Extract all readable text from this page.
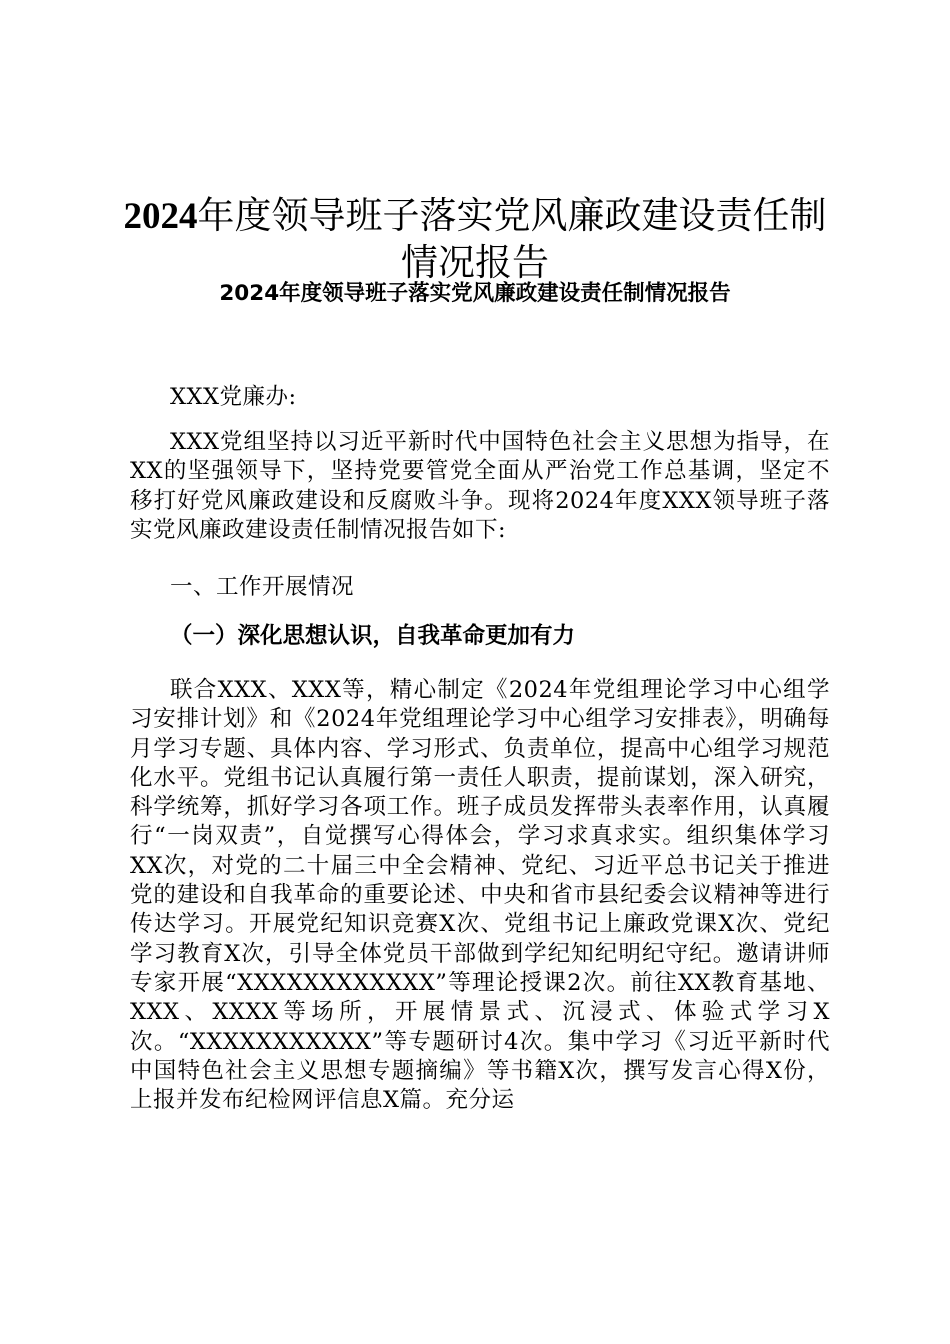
2024年度领导班子落实党风廉政建设责任制情况报告
2024年度领导班子落实党风廉政建设责任制情况报告
XXX党廉办:

XXX党组坚持以习近平新时代中国特色社会主义思想为指导，在XX的坚强领导下，坚持党要管党全面从严治党工作总基调，坚定不移打好党风廉政建设和反腐败斗争。现将2024年度XXX领导班子落实党风廉政建设责任制情况报告如下:

一、工作开展情况
（一）深化思想认识，自我革命更加有力

联合XXX、XXX等，精心制定《2024年党组理论学习中心组学习安排计划》和《2024年党组理论学习中心组学习安排表》，明确每月学习专题、具体内容、学习形式、负责单位，提高中心组学习规范化水平。党组书记认真履行第一责任人职责，提前谋划，深入研究，科学统筹，抓好学习各项工作。班子成员发挥带头表率作用，认真履行“一岗双责”，自觉撰写心得体会，学习求真求实。组织集体学习XX次，对党的二十届三中全会精神、党纪、习近平总书记关于推进党的建设和自我革命的重要论述、中央和省市县纪委会议精神等进行传达学习。开展党纪知识竞赛X次、党组书记上廉政党课X次、党纪学习教育X次，引导全体党员干部做到学纪知纪明纪守纪。邀请讲师专家开展“XXXXXXXXXXXX”等理论授课2次。前往XX教育基地、XXX、XXXX等场所，开展情景式、沉浸式、体验式学习X次。“XXXXXXXXXXX”等专题研讨4次。集中学习《习近平新时代中国特色社会主义思想专题摘编》等书籍X次，撰写发言心得X份，上报并发布纪检网评信息X篇。充分运
